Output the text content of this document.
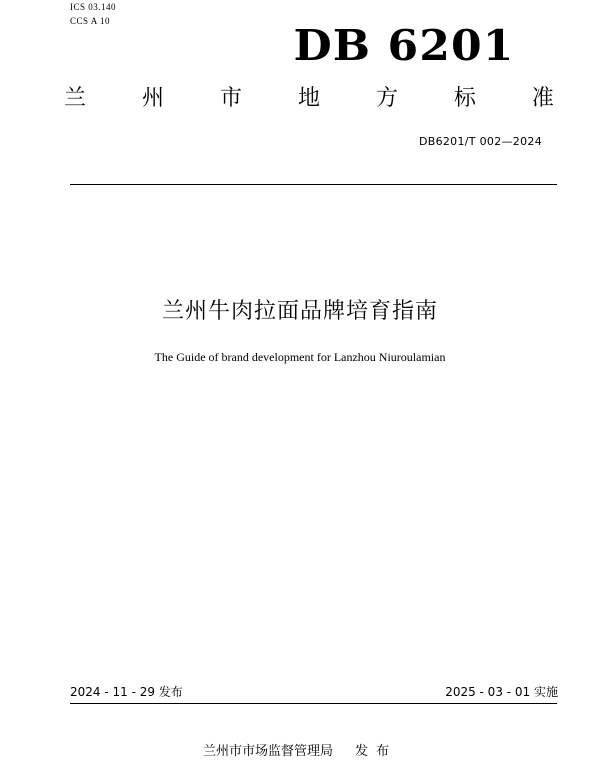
ICS 03.140
CCS A 10	DB 6201
兰	州	市	地	方	标	准
DB6201/T 002—2024
兰州牛肉拉面品牌培育指南
The Guide of brand development for Lanzhou Niuroulamian
2024 - 11 - 29 发布	2025 - 03 - 01 实施
兰州市市场监督管理局 发布
